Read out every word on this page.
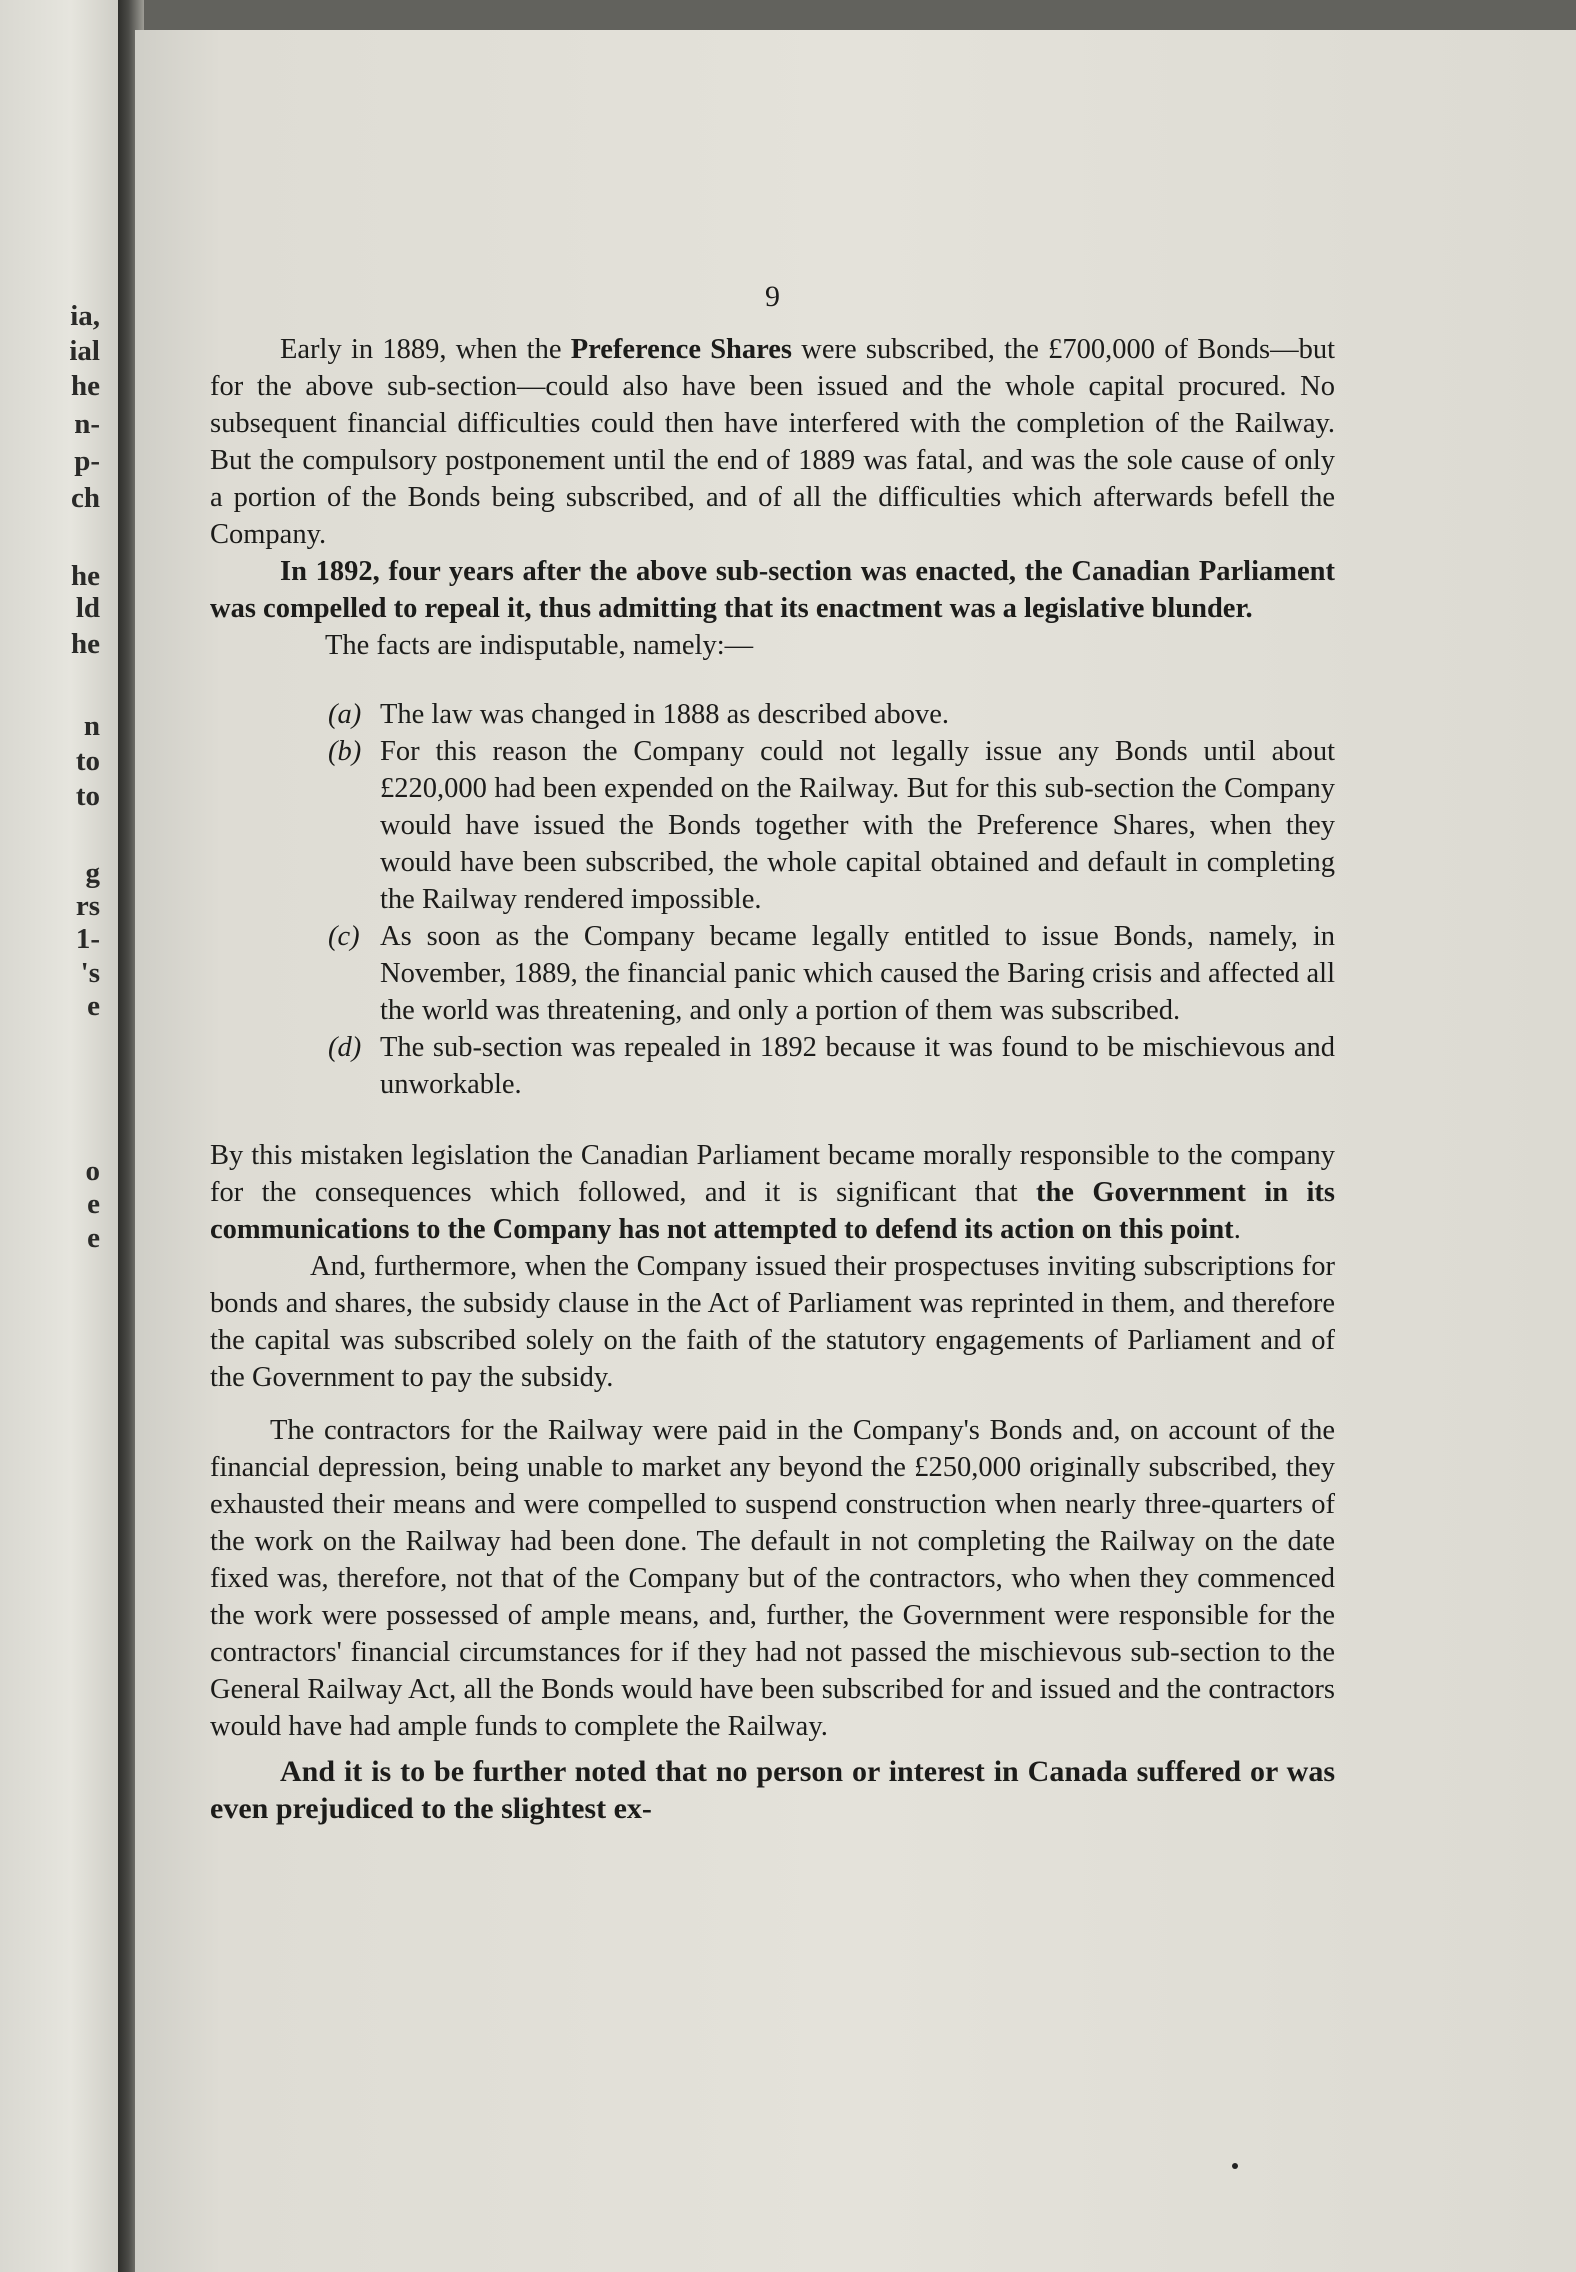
ia,
ial
he
n-
p-
ch
he
ld
he
n
to
to
g
rs
1-
's
e
o
e
e
9

Early in 1889, when the Preference Shares were subscribed, the £700,000 of Bonds—but for the above sub-section—could also have been issued and the whole capital procured. No subsequent financial difficulties could then have interfered with the completion of the Railway. But the compulsory postponement until the end of 1889 was fatal, and was the sole cause of only a portion of the Bonds being subscribed, and of all the difficulties which afterwards befell the Company.

In 1892, four years after the above sub-section was enacted, the Canadian Parliament was compelled to repeal it, thus admitting that its enactment was a legislative blunder.

The facts are indisputable, namely:—

(a) The law was changed in 1888 as described above.
(b) For this reason the Company could not legally issue any Bonds until about £220,000 had been expended on the Railway. But for this sub-section the Company would have issued the Bonds together with the Preference Shares, when they would have been subscribed, the whole capital obtained and default in completing the Railway rendered impossible.
(c) As soon as the Company became legally entitled to issue Bonds, namely, in November, 1889, the financial panic which caused the Baring crisis and affected all the world was threatening, and only a portion of them was subscribed.
(d) The sub-section was repealed in 1892 because it was found to be mischievous and unworkable.

By this mistaken legislation the Canadian Parliament became morally responsible to the company for the consequences which followed, and it is significant that the Government in its communications to the Company has not attempted to defend its action on this point.

And, furthermore, when the Company issued their prospectuses inviting subscriptions for bonds and shares, the subsidy clause in the Act of Parliament was reprinted in them, and therefore the capital was subscribed solely on the faith of the statutory engagements of Parliament and of the Government to pay the subsidy.

The contractors for the Railway were paid in the Company's Bonds and, on account of the financial depression, being unable to market any beyond the £250,000 originally subscribed, they exhausted their means and were compelled to suspend construction when nearly three-quarters of the work on the Railway had been done. The default in not completing the Railway on the date fixed was, therefore, not that of the Company but of the contractors, who when they commenced the work were possessed of ample means, and, further, the Government were responsible for the contractors' financial circumstances for if they had not passed the mischievous sub-section to the General Railway Act, all the Bonds would have been subscribed for and issued and the contractors would have had ample funds to complete the Railway.

And it is to be further noted that no person or interest in Canada suffered or was even prejudiced to the slightest ex-
